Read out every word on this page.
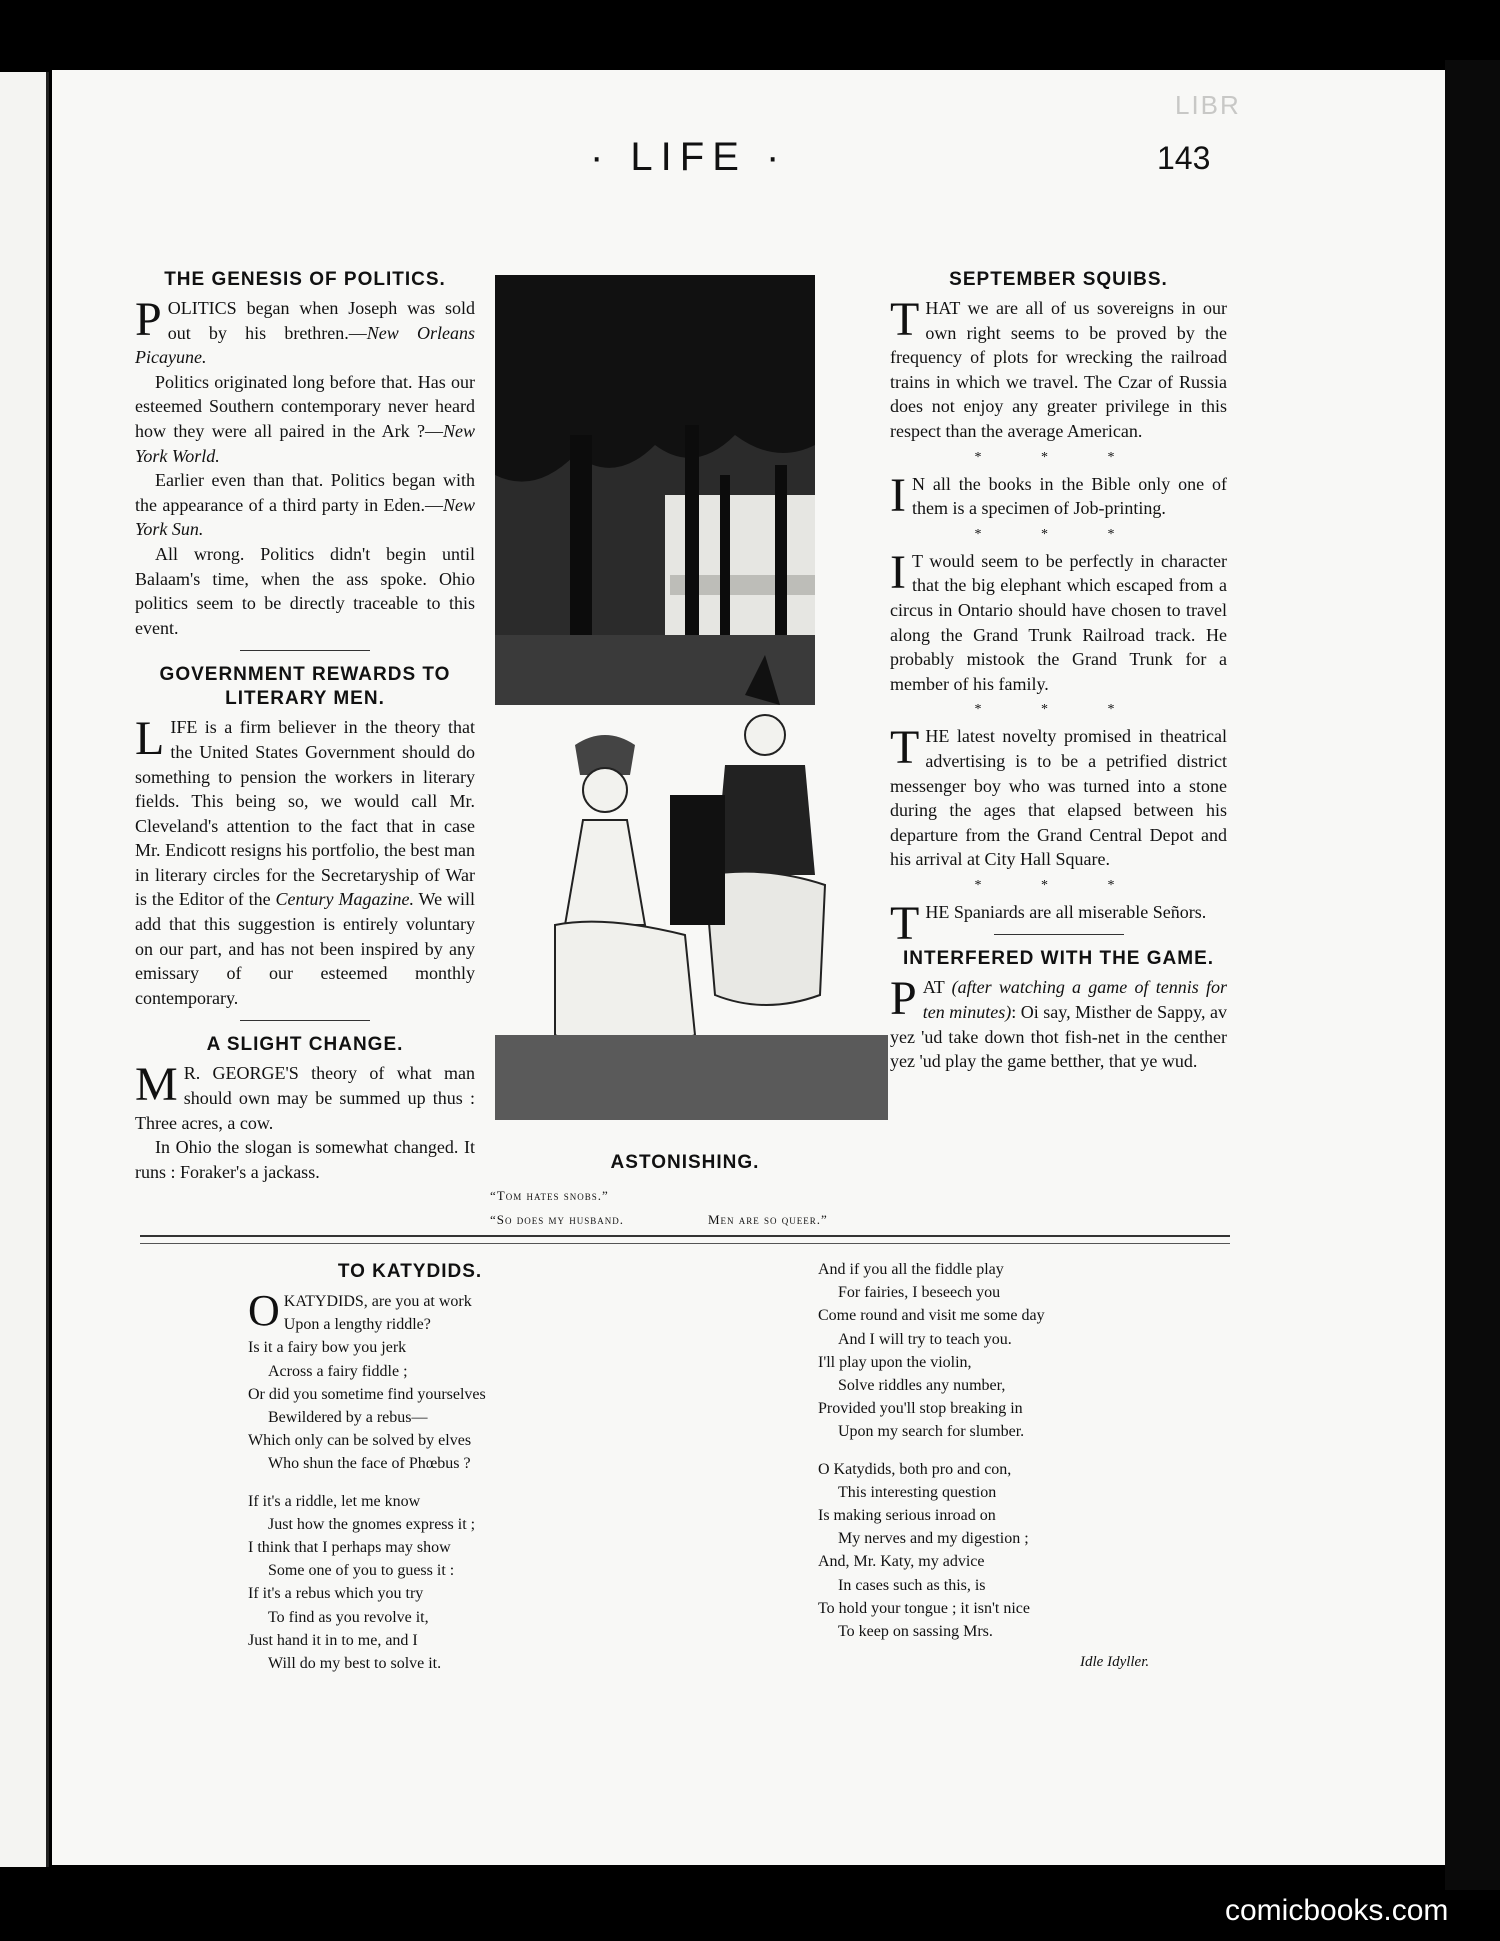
LIBR
· LIFE ·	143
THE GENESIS OF POLITICS.

POLITICS began when Joseph was sold out by his brethren.—New Orleans Picayune.

Politics originated long before that. Has our esteemed Southern contemporary never heard how they were all paired in the Ark ?—New York World.

Earlier even than that. Politics began with the appearance of a third party in Eden.—New York Sun.

All wrong. Politics didn't begin until Balaam's time, when the ass spoke. Ohio politics seem to be directly traceable to this event.

GOVERNMENT REWARDS TO LITERARY MEN.

LIFE is a firm believer in the theory that the United States Government should do something to pension the workers in literary fields. This being so, we would call Mr. Cleveland's attention to the fact that in case Mr. Endicott resigns his portfolio, the best man in literary circles for the Secretaryship of War is the Editor of the Century Magazine. We will add that this suggestion is entirely voluntary on our part, and has not been inspired by any emissary of our esteemed monthly contemporary.

A SLIGHT CHANGE.

M R. GEORGE'S theory of what man should own may be summed up thus : Three acres, a cow.

In Ohio the slogan is somewhat changed. It runs : Foraker's a jackass.	ASTONISHING.
“Tom hates snobs.”
“So does my husband.	Men are so queer.”
SEPTEMBER SQUIBS.

THAT we are all of us sovereigns in our own right seems to be proved by the frequency of plots for wrecking the railroad trains in which we travel. The Czar of Russia does not enjoy any greater privilege in this respect than the average American.

* * *

I N all the books in the Bible only one of them is a specimen of Job-printing.

* * *

I T would seem to be perfectly in character that the big elephant which escaped from a circus in Ontario should have chosen to travel along the Grand Trunk Railroad track. He probably mistook the Grand Trunk for a member of his family.

* * *

THE latest novelty promised in theatrical advertising is to be a petrified district messenger boy who was turned into a stone during the ages that elapsed between his departure from the Grand Central Depot and his arrival at City Hall Square.

* * *

THE Spaniards are all miserable Señors.

INTERFERED WITH THE GAME.

PAT (after watching a game of tennis for ten minutes): Oi say, Misther de Sappy, av yez 'ud take down thot fish-net in the centher yez 'ud play the game betther, that ye wud.

TO KATYDIDS.
O KATYDIDS, are you at work
Upon a lengthy riddle?
Is it a fairy bow you jerk
Across a fairy fiddle ;
Or did you sometime find yourselves
Bewildered by a rebus—
Which only can be solved by elves
Who shun the face of Phœbus ?
If it's a riddle, let me know
Just how the gnomes express it ;
I think that I perhaps may show
Some one of you to guess it :
If it's a rebus which you try
To find as you revolve it,
Just hand it in to me, and I
Will do my best to solve it.
And if you all the fiddle play
For fairies, I beseech you
Come round and visit me some day
And I will try to teach you.
I'll play upon the violin,
Solve riddles any number,
Provided you'll stop breaking in
Upon my search for slumber.
O Katydids, both pro and con,
This interesting question
Is making serious inroad on
My nerves and my digestion ;
And, Mr. Katy, my advice
In cases such as this, is
To hold your tongue ; it isn't nice
To keep on sassing Mrs.
Idle Idyller.
comicbooks.com
